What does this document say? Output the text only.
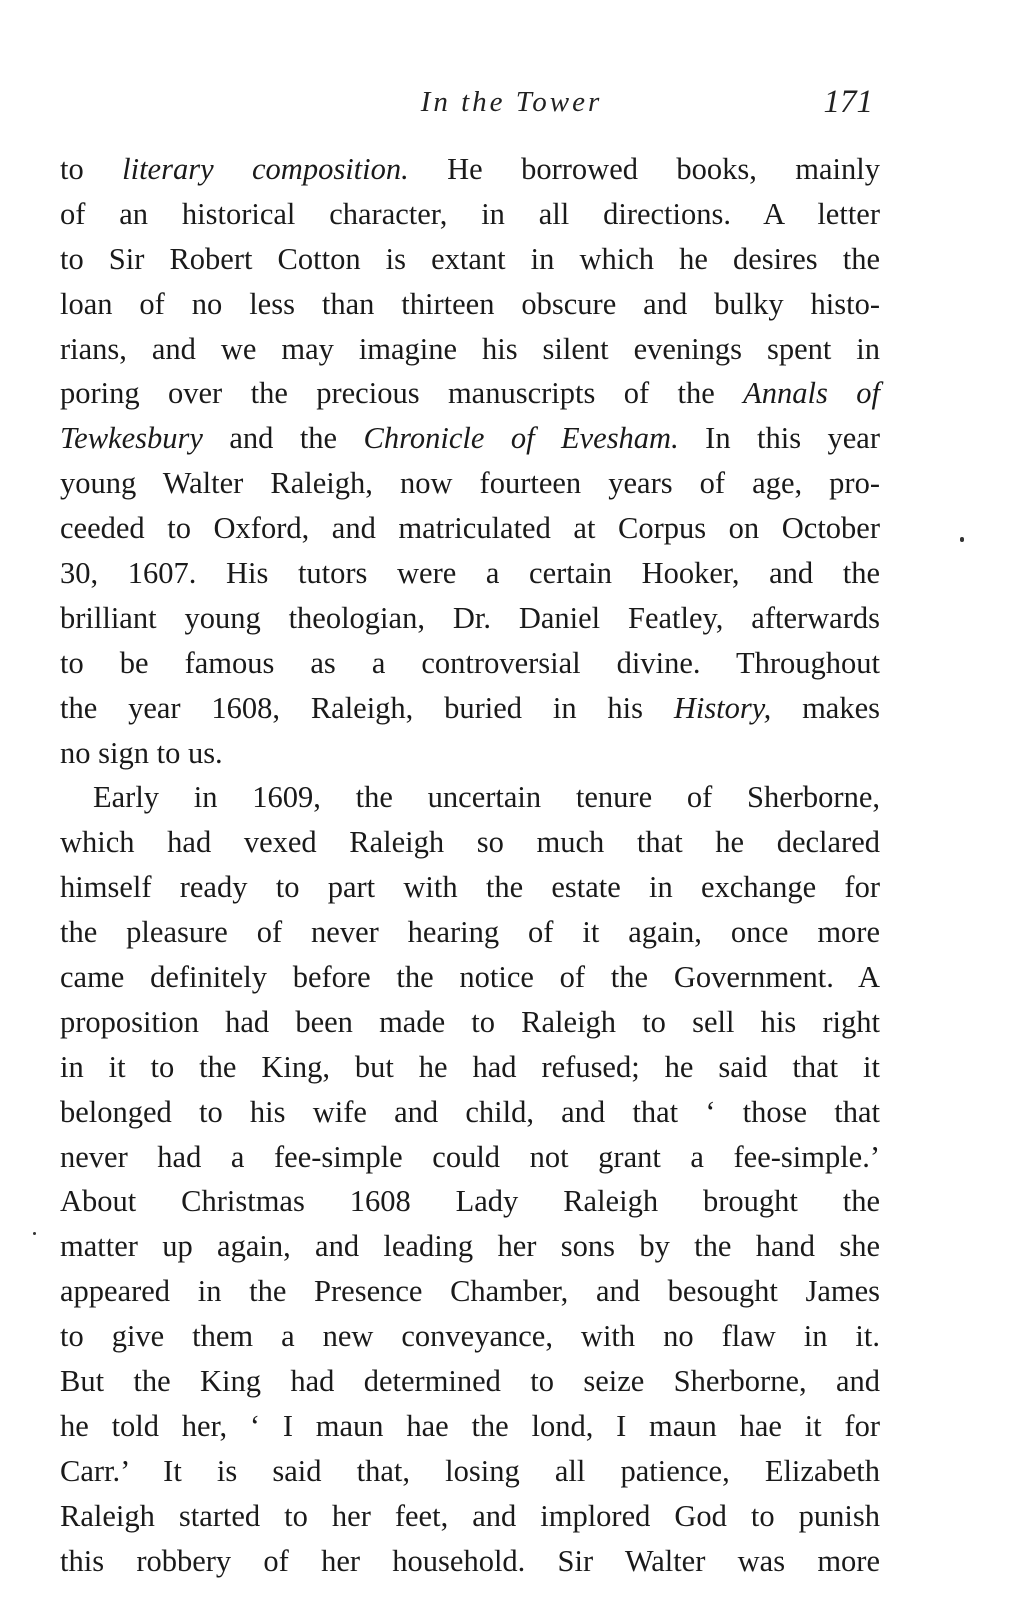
In the Tower	171
to literary composition. He borrowed books, mainly
of an historical character, in all directions. A letter
to Sir Robert Cotton is extant in which he desires the
loan of no less than thirteen obscure and bulky histo-
rians, and we may imagine his silent evenings spent in
poring over the precious manuscripts of the Annals of
Tewkesbury and the Chronicle of Evesham. In this year
young Walter Raleigh, now fourteen years of age, pro-
ceeded to Oxford, and matriculated at Corpus on October
30, 1607. His tutors were a certain Hooker, and the
brilliant young theologian, Dr. Daniel Featley, afterwards
to be famous as a controversial divine. Throughout
the year 1608, Raleigh, buried in his History, makes
no sign to us.
Early in 1609, the uncertain tenure of Sherborne,
which had vexed Raleigh so much that he declared
himself ready to part with the estate in exchange for
the pleasure of never hearing of it again, once more
came definitely before the notice of the Government. A
proposition had been made to Raleigh to sell his right
in it to the King, but he had refused; he said that it
belonged to his wife and child, and that ‘ those that
never had a fee-simple could not grant a fee-simple.’
About Christmas 1608 Lady Raleigh brought the
matter up again, and leading her sons by the hand she
appeared in the Presence Chamber, and besought James
to give them a new conveyance, with no flaw in it.
But the King had determined to seize Sherborne, and
he told her, ‘ I maun hae the lond, I maun hae it for
Carr.’ It is said that, losing all patience, Elizabeth
Raleigh started to her feet, and implored God to punish
this robbery of her household. Sir Walter was more
